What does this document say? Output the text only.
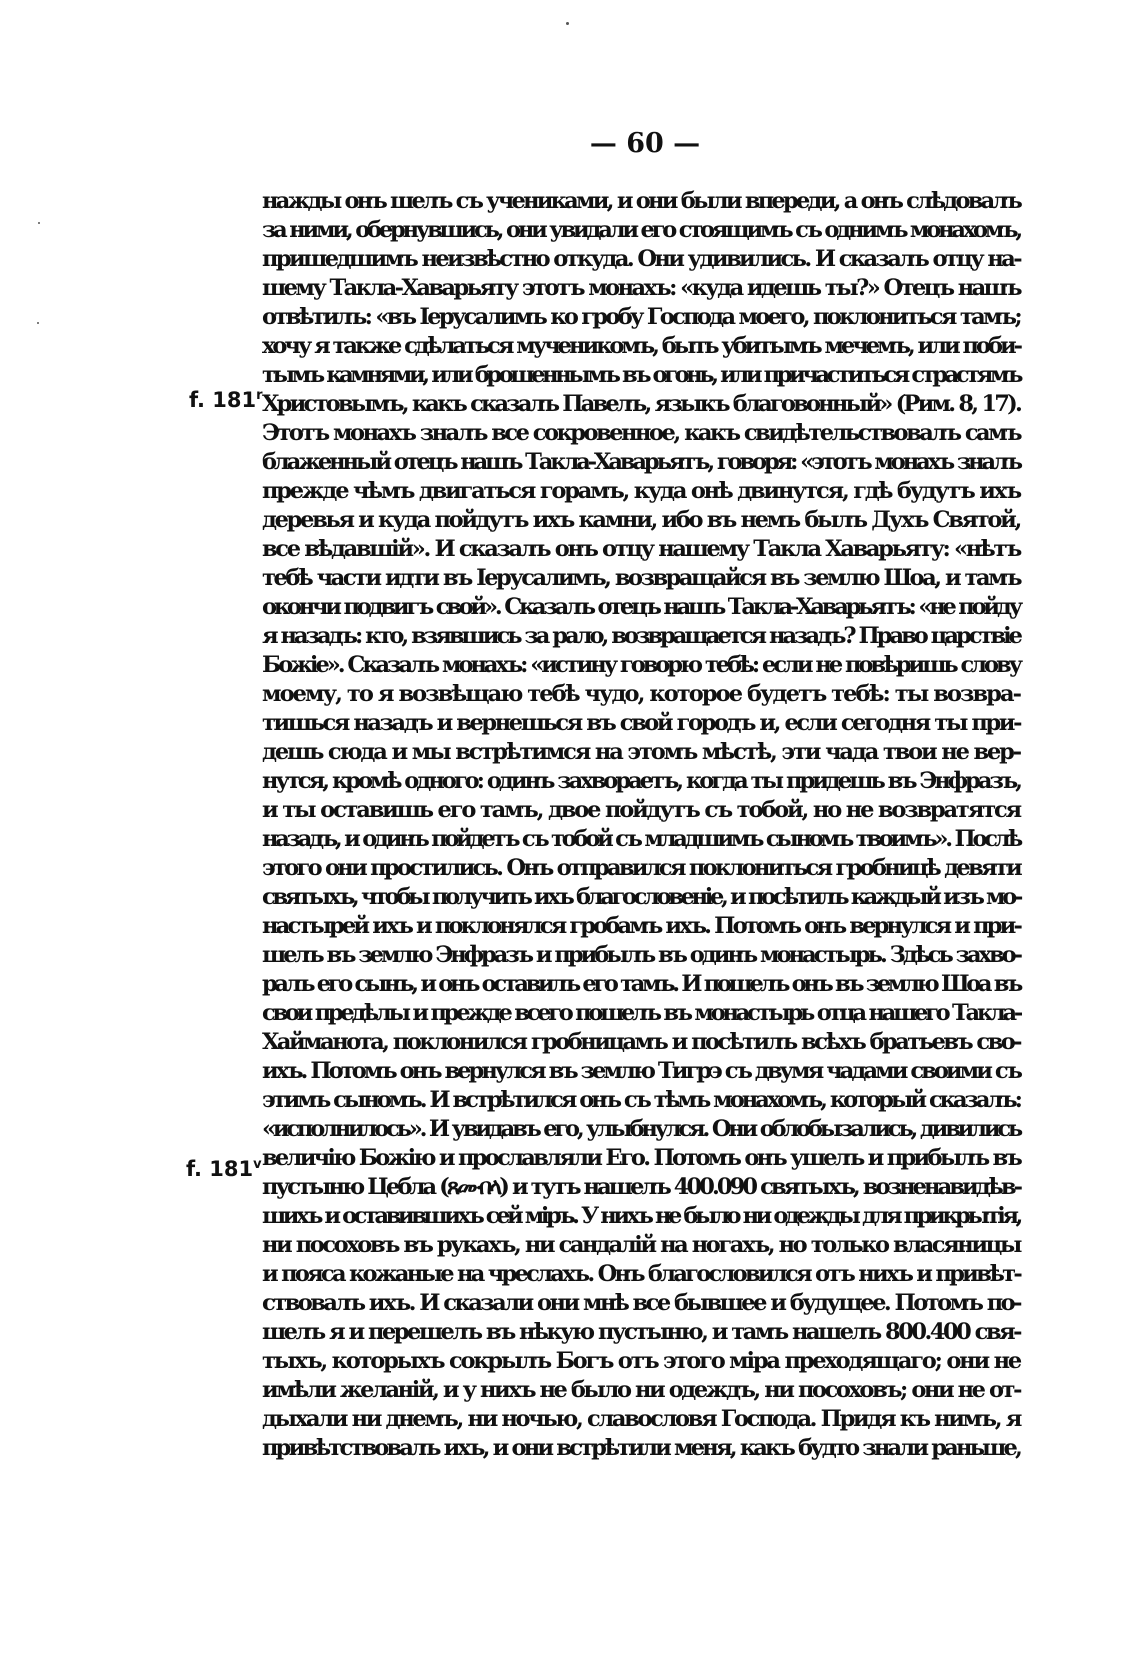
— 60 —
f. 181$^r$
f. 181$^v$
нажды онъ шелъ съ учениками, и они были впереди, а онъ слѣдовалъ
за ними, обернувшись, они увидали его стоящимъ съ однимъ монахомъ,
пришедшимъ неизвѣстно откуда. Они удивились. И сказалъ отцу на-
шему Такла-Хаварьяту этотъ монахъ: «куда идешь ты?» Отецъ нашъ
отвѣтилъ: «въ Іерусалимъ ко гробу Господа моего, поклониться тамъ;
хочу я также сдѣлаться мученикомъ, быть убитымъ мечемъ, или поби-
тымъ камнями, или брошеннымъ въ огонь, или причаститься страстямъ
Христовымъ, какъ сказалъ Павелъ, языкъ благовонный» (Рим. 8, 17).
Этотъ монахъ зналъ все сокровенное, какъ свидѣтельствовалъ самъ
блаженный отецъ нашъ Такла-Хаварьятъ, говоря: «этотъ монахъ зналъ
прежде чѣмъ двигаться горамъ, куда онѣ двинутся, гдѣ будутъ ихъ
деревья и куда пойдутъ ихъ камни, ибо въ немъ былъ Духъ Святой,
все вѣдавшій». И сказалъ онъ отцу нашему Такла Хаварьяту: «нѣтъ
тебѣ части идти въ Іерусалимъ, возвращайся въ землю Шоа, и тамъ
окончи подвигъ свой». Сказалъ отецъ нашъ Такла-Хаварьятъ: «не пойду
я назадъ: кто, взявшись за рало, возвращается назадъ? Право царствіе
Божіе». Сказалъ монахъ: «истину говорю тебѣ: если не повѣришь слову
моему, то я возвѣщаю тебѣ чудо, которое будетъ тебѣ: ты возвра-
тишься назадъ и вернешься въ свой городъ и, если сегодня ты при-
дешь сюда и мы встрѣтимся на этомъ мѣстѣ, эти чада твои не вер-
нутся, кромѣ одного: одинъ захвораетъ, когда ты придешь въ Энфразъ,
и ты оставишь его тамъ, двое пойдутъ съ тобой, но не возвратятся
назадъ, и одинъ пойдетъ съ тобой съ младшимъ сыномъ твоимъ». Послѣ
этого они простились. Онъ отправился поклониться гробницѣ девяти
святыхъ, чтобы получить ихъ благословеніе, и посѣтилъ каждый изъ мо-
настырей ихъ и поклонялся гробамъ ихъ. Потомъ онъ вернулся и при-
шелъ въ землю Энфразъ и прибылъ въ одинъ монастырь. Здѣсь захво-
ралъ его сынъ, и онъ оставилъ его тамъ. И пошелъ онъ въ землю Шоа въ
свои предѣлы и прежде всего пошелъ въ монастырь отца нашего Такла-
Хайманота, поклонился гробницамъ и посѣтилъ всѣхъ братьевъ сво-
ихъ. Потомъ онъ вернулся въ землю Тигрэ съ двумя чадами своими съ
этимъ сыномъ. И встрѣтился онъ съ тѣмъ монахомъ, который сказалъ:
«исполнилось». И увидавъ его, улыбнулся. Они облобызались, дивились
величію Божію и прославляли Его. Потомъ онъ ушелъ и прибылъ въ
пустыню Цебла (ጸሙበላ) и тутъ нашелъ 400.090 святыхъ, возненавидѣв-
шихъ и оставившихъ сей міръ. У нихъ не было ни одежды для прикрытія,
ни посоховъ въ рукахъ, ни сандалій на ногахъ, но только власяницы
и пояса кожаные на чреслахъ. Онъ благословился отъ нихъ и привѣт-
ствовалъ ихъ. И сказали они мнѣ все бывшее и будущее. Потомъ по-
шелъ я и перешелъ въ нѣкую пустыню, и тамъ нашелъ 800.400 свя-
тыхъ, которыхъ сокрылъ Богъ отъ этого міра преходящаго; они не
имѣли желаній, и у нихъ не было ни одеждъ, ни посоховъ; они не от-
дыхали ни днемъ, ни ночью, славословя Господа. Придя къ нимъ, я
привѣтствовалъ ихъ, и они встрѣтили меня, какъ будто знали раньше,
